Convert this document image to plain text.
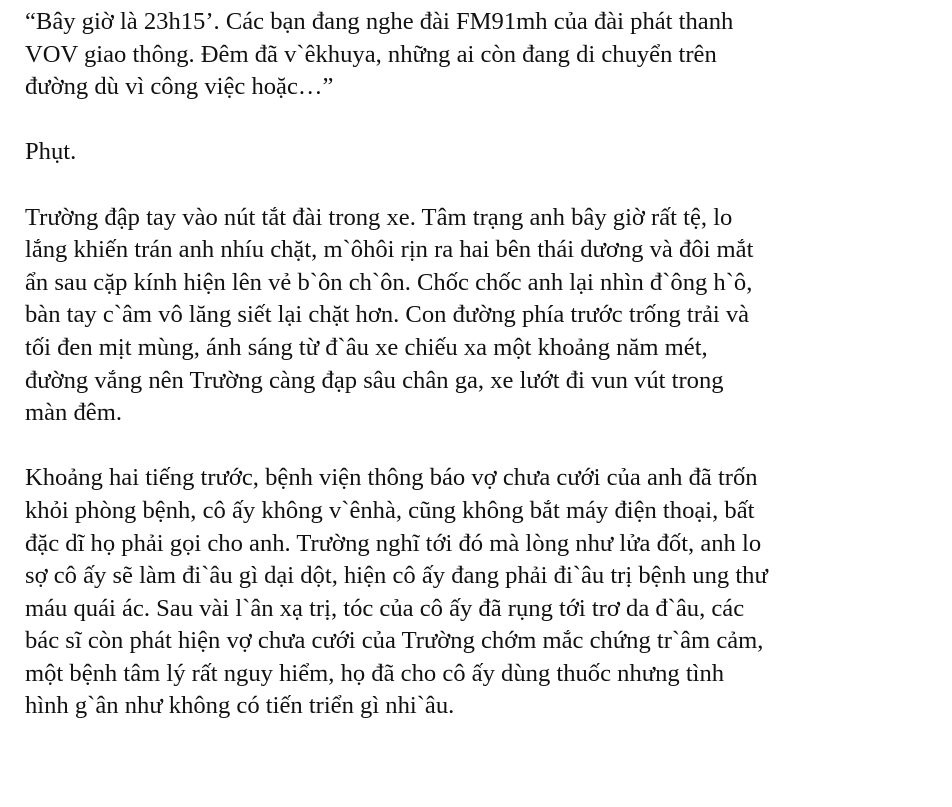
“Bây giờ là 23h15’. Các bạn đang nghe đài FM91mh của đài phát thanh
VOV giao thông. Đêm đã v`êkhuya, những ai còn đang di chuyển trên
đường dù vì công việc hoặc…”

Phụt.

Trường đập tay vào nút tắt đài trong xe. Tâm trạng anh bây giờ rất tệ, lo
lắng khiến trán anh nhíu chặt, m`ôhôi rịn ra hai bên thái dương và đôi mắt
ẩn sau cặp kính hiện lên vẻ b`ôn ch`ôn. Chốc chốc anh lại nhìn đ`ông h`ô,
bàn tay c`âm vô lăng siết lại chặt hơn. Con đường phía trước trống trải và
tối đen mịt mùng, ánh sáng từ đ`âu xe chiếu xa một khoảng năm mét,
đường vắng nên Trường càng đạp sâu chân ga, xe lướt đi vun vút trong
màn đêm.

Khoảng hai tiếng trước, bệnh viện thông báo vợ chưa cưới của anh đã trốn
khỏi phòng bệnh, cô ấy không v`ênhà, cũng không bắt máy điện thoại, bất
đặc dĩ họ phải gọi cho anh. Trường nghĩ tới đó mà lòng như lửa đốt, anh lo
sợ cô ấy sẽ làm đi`âu gì dại dột, hiện cô ấy đang phải đi`âu trị bệnh ung thư
máu quái ác. Sau vài l`ân xạ trị, tóc của cô ấy đã rụng tới trơ da đ`âu, các
bác sĩ còn phát hiện vợ chưa cưới của Trường chớm mắc chứng tr`âm cảm,
một bệnh tâm lý rất nguy hiểm, họ đã cho cô ấy dùng thuốc nhưng tình
hình g`ân như không có tiến triển gì nhi`âu.
